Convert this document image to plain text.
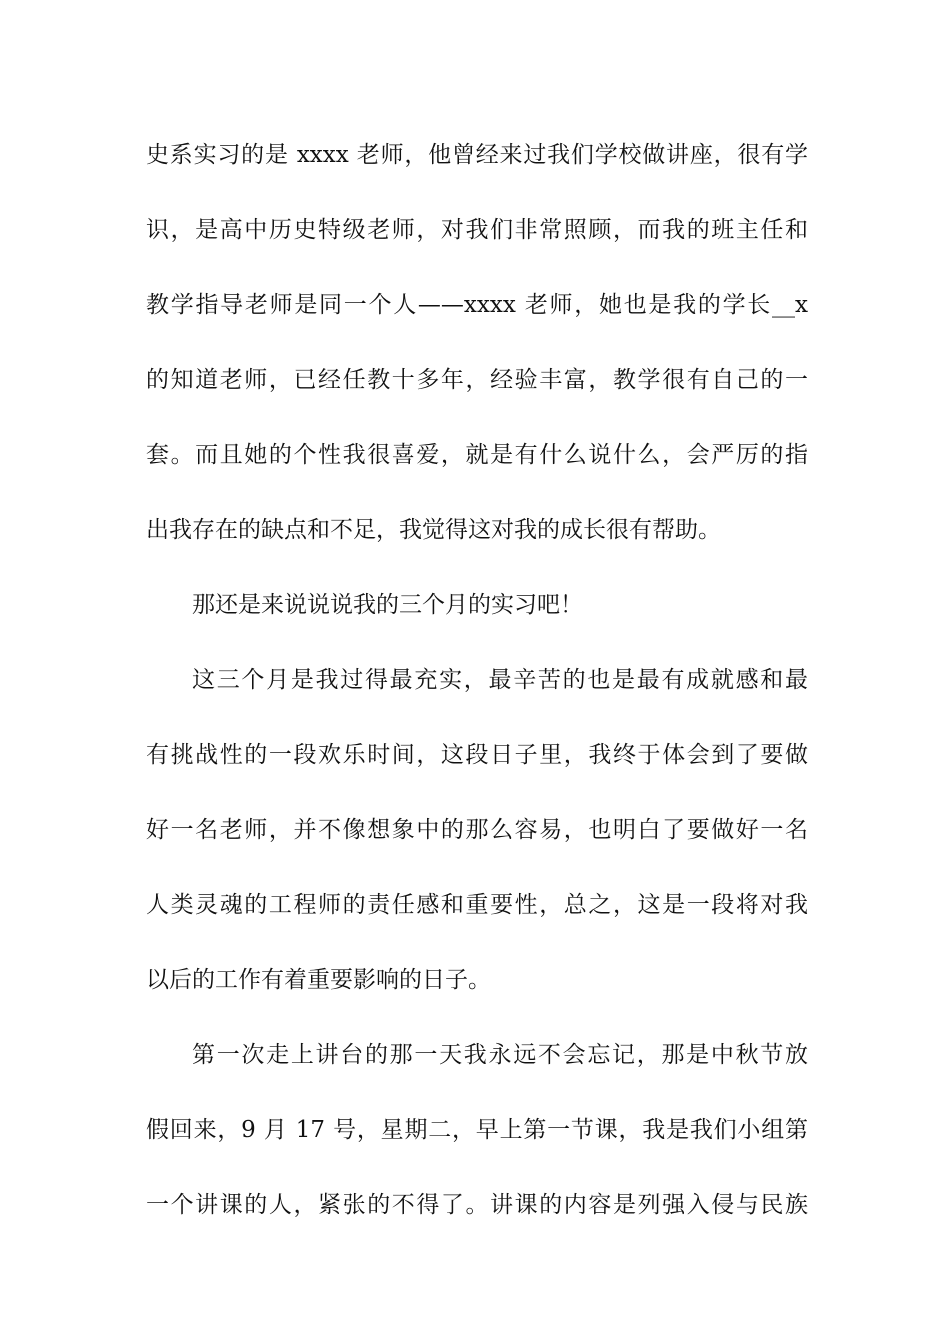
史系实习的是 xxxx 老师，他曾经来过我们学校做讲座，很有学
识，是高中历史特级老师，对我们非常照顾，而我的班主任和
教学指导老师是同一个人——xxxx 老师，她也是我的学长__x
的知道老师，已经任教十多年，经验丰富，教学很有自己的一
套。而且她的个性我很喜爱，就是有什么说什么，会严厉的指
出我存在的缺点和不足，我觉得这对我的成长很有帮助。
那还是来说说说我的三个月的实习吧！
这三个月是我过得最充实，最辛苦的也是最有成就感和最
有挑战性的一段欢乐时间，这段日子里，我终于体会到了要做
好一名老师，并不像想象中的那么容易，也明白了要做好一名
人类灵魂的工程师的责任感和重要性，总之，这是一段将对我
以后的工作有着重要影响的日子。
第一次走上讲台的那一天我永远不会忘记，那是中秋节放
假回来，9 月 17 号，星期二，早上第一节课，我是我们小组第
一个讲课的人，紧张的不得了。讲课的内容是列强入侵与民族
